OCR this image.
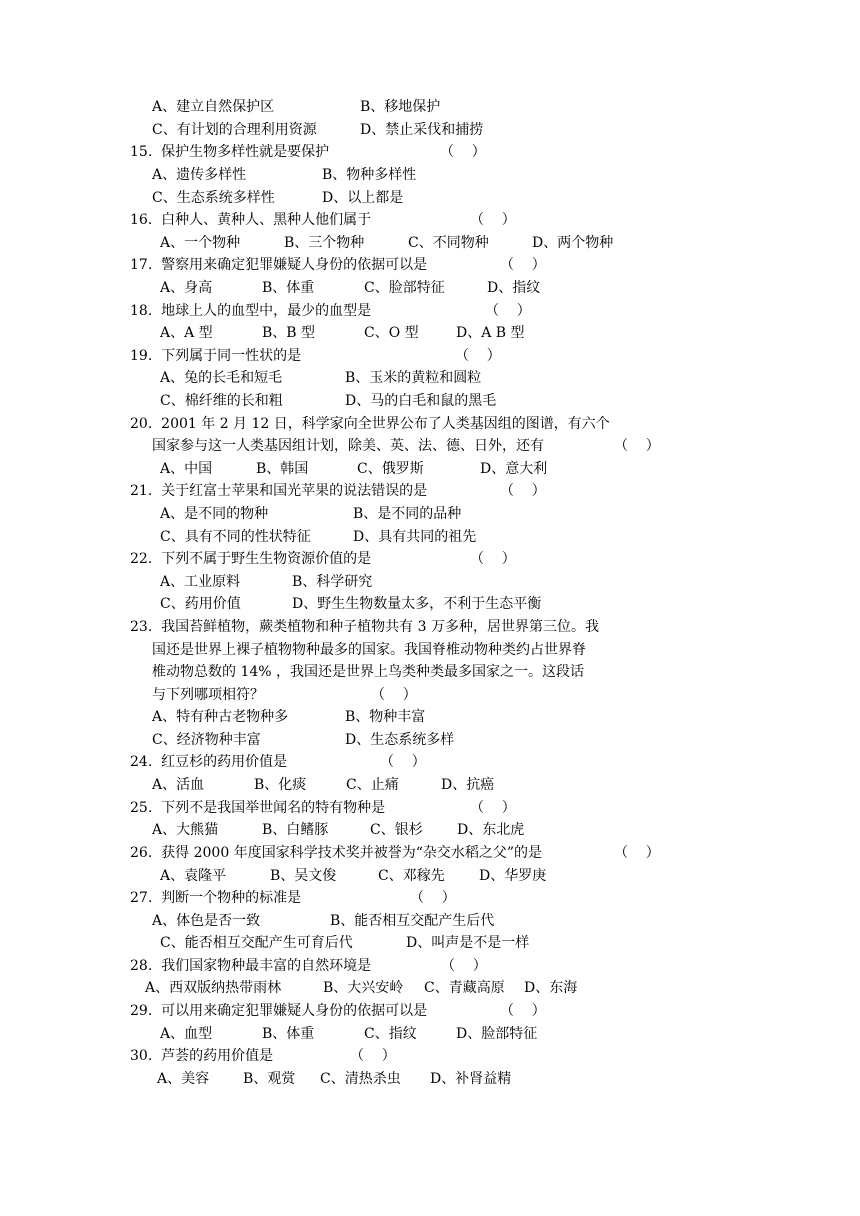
A、建立自然保护区	B、移地保护
C、有计划的合理利用资源	D、禁止采伐和捕捞
15.  保护生物多样性就是要保护	（    ）
A、遗传多样性	B、物种多样性
C、生态系统多样性	D、以上都是
16.  白种人、黄种人、黑种人他们属于	（    ）
A、一个物种	B、三个物种	C、不同物种	D、两个物种
17.  警察用来确定犯罪嫌疑人身份的依据可以是	（    ）
A、身高	B、体重	C、脸部特征	D、指纹
18.  地球上人的血型中，最少的血型是	（    ）
A、A 型	B、B 型	C、O 型	D、A B 型
19.  下列属于同一性状的是	（    ）
A、兔的长毛和短毛	B、玉米的黄粒和圆粒
C、棉纤维的长和粗	D、马的白毛和鼠的黑毛
20.  2001 年 2 月 12 日，科学家向全世界公布了人类基因组的图谱，有六个
国家参与这一人类基因组计划，除美、英、法、德、日外，还有	（    ）
A、中国	B、韩国	C、俄罗斯	D、意大利
21.  关于红富士苹果和国光苹果的说法错误的是	（    ）
A、是不同的物种	B、是不同的品种
C、具有不同的性状特征	D、具有共同的祖先
22.  下列不属于野生生物资源价值的是	（    ）
A、工业原料	B、科学研究
C、药用价值	D、野生生物数量太多，不利于生态平衡
23.  我国苔鲜植物，蕨类植物和种子植物共有 3 万多种，居世界第三位。我
国还是世界上裸子植物物种最多的国家。我国脊椎动物种类约占世界脊
椎动物总数的 14% ，我国还是世界上鸟类种类最多国家之一。这段话
与下列哪项相符？	（    ）
A、特有种古老物种多	B、物种丰富
C、经济物种丰富	D、生态系统多样
24.  红豆杉的药用价值是	（    ）
A、活血	B、化痰	C、止痛	D、抗癌
25.  下列不是我国举世闻名的特有物种是	（    ）
A、大熊猫	B、白鳍豚	C、银杉 D、东北虎
26.  获得 2000 年度国家科学技术奖并被誉为“杂交水稻之父”的是	（    ）
A、袁隆平	B、吴文俊	C、邓稼先 D、华罗庚
27.  判断一个物种的标准是	（    ）
A、体色是否一致	B、能否相互交配产生后代
C、能否相互交配产生可育后代	D、叫声是不是一样
28.  我们国家物种最丰富的自然环境是	（    ）
A、西双版纳热带雨林	B、大兴安岭 C、青藏高原 D、东海
29.  可以用来确定犯罪嫌疑人身份的依据可以是	（    ）
A、血型	B、体重	C、指纹	D、脸部特征
30.  芦荟的药用价值是	（    ）
A、美容 B、观赏 C、清热杀虫 D、补肾益精
